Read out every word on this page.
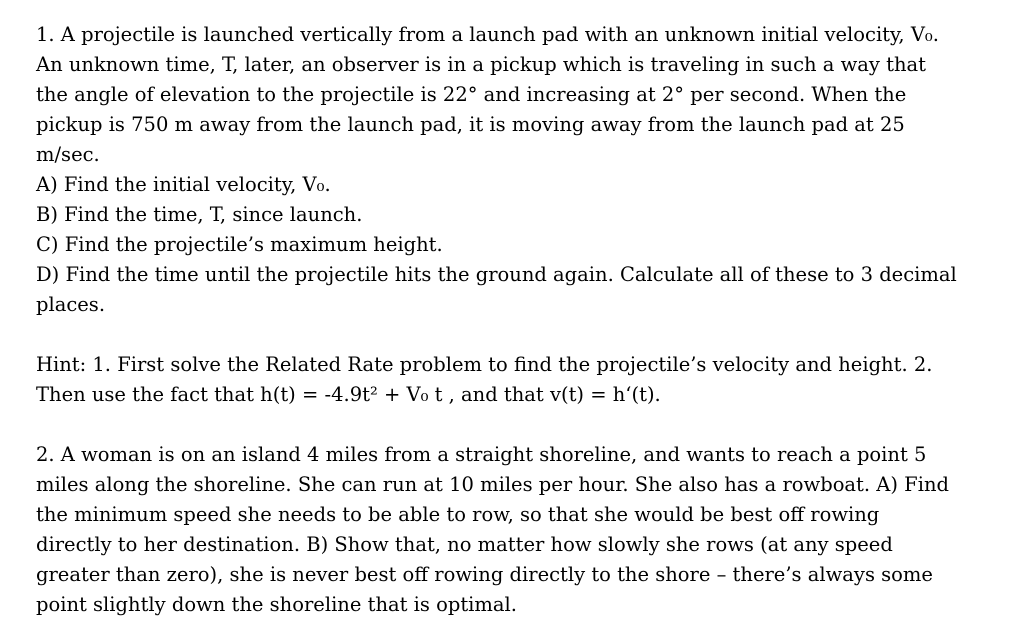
1. A projectile is launched vertically from a launch pad with an unknown initial velocity, V₀.
An unknown time, T, later, an observer is in a pickup which is traveling in such a way that
the angle of elevation to the projectile is 22° and increasing at 2° per second. When the
pickup is 750 m away from the launch pad, it is moving away from the launch pad at 25
m/sec.
A) Find the initial velocity, V₀.
B) Find the time, T, since launch.
C) Find the projectile’s maximum height.
D) Find the time until the projectile hits the ground again. Calculate all of these to 3 decimal
places.
Hint: 1. First solve the Related Rate problem to find the projectile’s velocity and height. 2.
Then use the fact that h(t) = -4.9t² + V₀ t , and that v(t) = h‘(t).
2. A woman is on an island 4 miles from a straight shoreline, and wants to reach a point 5
miles along the shoreline. She can run at 10 miles per hour. She also has a rowboat. A) Find
the minimum speed she needs to be able to row, so that she would be best off rowing
directly to her destination. B) Show that, no matter how slowly she rows (at any speed
greater than zero), she is never best off rowing directly to the shore – there’s always some
point slightly down the shoreline that is optimal.
